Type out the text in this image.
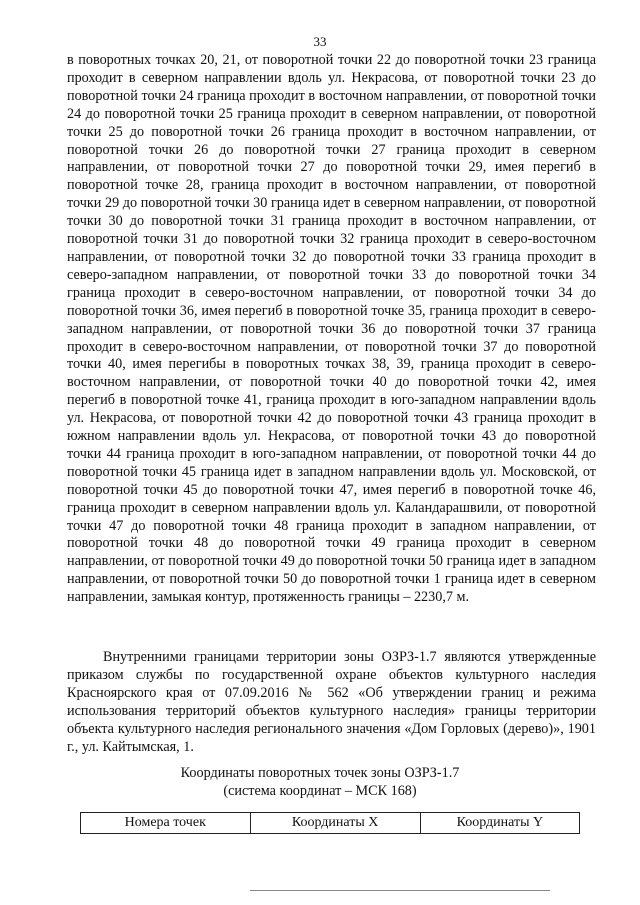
33

в поворотных точках 20, 21, от поворотной точки 22 до поворотной точки 23 граница проходит в северном направлении вдоль ул. Некрасова, от поворотной точки 23 до поворотной точки 24 граница проходит в восточном направлении, от поворотной точки 24 до поворотной точки 25 граница проходит в северном направлении, от поворотной точки 25 до поворотной точки 26 граница проходит в восточном направлении, от поворотной точки 26 до поворотной точки 27 граница проходит в северном направлении, от поворотной точки 27 до поворотной точки 29, имея перегиб в поворотной точке 28, граница проходит в восточном направлении, от поворотной точки 29 до поворотной точки 30 граница идет в северном направлении, от поворотной точки 30 до поворотной точки 31 граница проходит в восточном направлении, от поворотной точки 31 до поворотной точки 32 граница проходит в северо-восточном направлении, от поворотной точки 32 до поворотной точки 33 граница проходит в северо-западном направлении, от поворотной точки 33 до поворотной точки 34 граница проходит в северо-восточном направлении, от поворотной точки 34 до поворотной точки 36, имея перегиб в поворотной точке 35, граница проходит в северо-западном направлении, от поворотной точки 36 до поворотной точки 37 граница проходит в северо-восточном направлении, от поворотной точки 37 до поворотной точки 40, имея перегибы в поворотных точках 38, 39, граница проходит в северо-восточном направлении, от поворотной точки 40 до поворотной точки 42, имея перегиб в поворотной точке 41, граница проходит в юго-западном направлении вдоль ул. Некрасова, от поворотной точки 42 до поворотной точки 43 граница проходит в южном направлении вдоль ул. Некрасова, от поворотной точки 43 до поворотной точки 44 граница проходит в юго-западном направлении, от поворотной точки 44 до поворотной точки 45 граница идет в западном направлении вдоль ул. Московской, от поворотной точки 45 до поворотной точки 47, имея перегиб в поворотной точке 46, граница проходит в северном направлении вдоль ул. Каландарашвили, от поворотной точки 47 до поворотной точки 48 граница проходит в западном направлении, от поворотной точки 48 до поворотной точки 49 граница проходит в северном направлении, от поворотной точки 49 до поворотной точки 50 граница идет в западном направлении, от поворотной точки 50 до поворотной точки 1 граница идет в северном направлении, замыкая контур, протяженность границы – 2230,7 м.

Внутренними границами территории зоны ОЗРЗ-1.7 являются утвержденные приказом службы по государственной охране объектов культурного наследия Красноярского края от 07.09.2016 № 562 «Об утверждении границ и режима использования территорий объектов культурного наследия» границы территории объекта культурного наследия регионального значения «Дом Горловых (дерево)», 1901 г., ул. Кайтымская, 1.

Координаты поворотных точек зоны ОЗРЗ-1.7
(система координат – МСК 168)
Номера точек	Координаты X	Координаты Y
